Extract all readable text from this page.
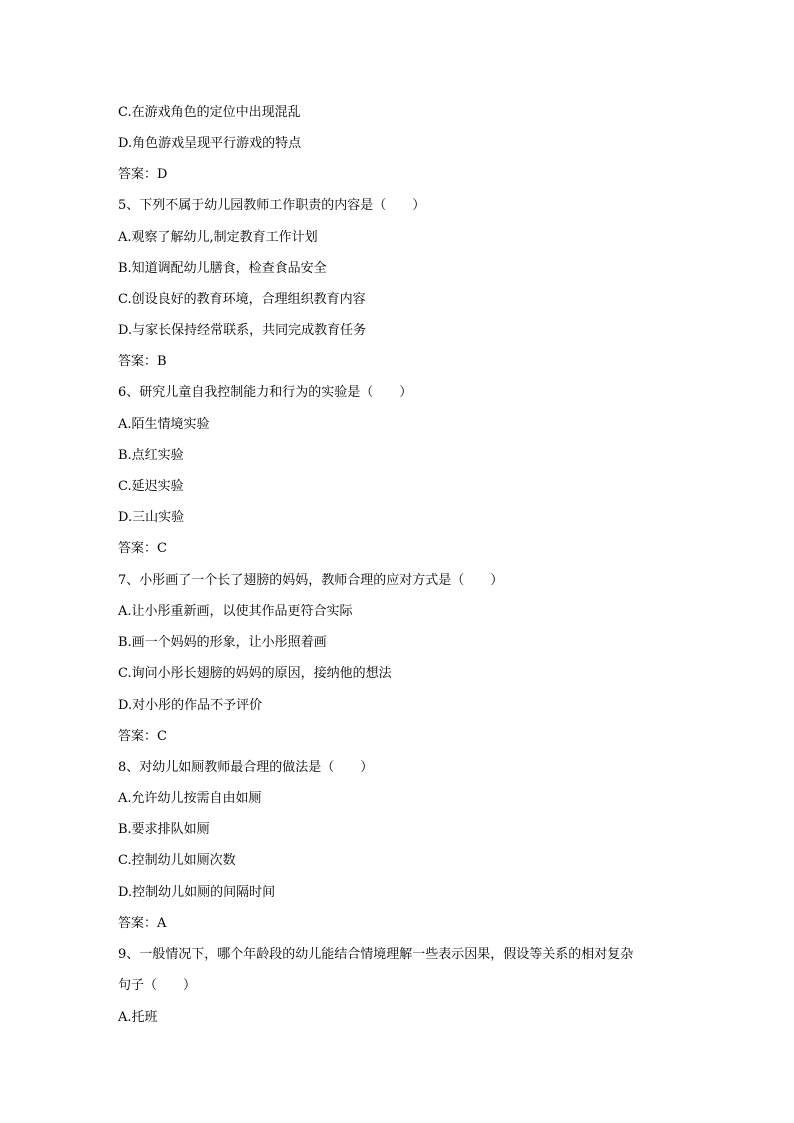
C.在游戏角色的定位中出现混乱
D.角色游戏呈现平行游戏的特点
答案：D
5、下列不属于幼儿园教师工作职责的内容是（　　）
A.观察了解幼儿,制定教育工作计划
B.知道调配幼儿膳食，检查食品安全
C.创设良好的教育环境，合理组织教育内容
D.与家长保持经常联系，共同完成教育任务
答案：B
6、研究儿童自我控制能力和行为的实验是（　　）
A.陌生情境实验
B.点红实验
C.延迟实验
D.三山实验
答案：C
7、小彤画了一个长了翅膀的妈妈，教师合理的应对方式是（　　）
A.让小彤重新画，以使其作品更符合实际
B.画一个妈妈的形象，让小彤照着画
C.询问小彤长翅膀的妈妈的原因，接纳他的想法
D.对小彤的作品不予评价
答案：C
8、对幼儿如厕教师最合理的做法是（　　）
A.允许幼儿按需自由如厕
B.要求排队如厕
C.控制幼儿如厕次数
D.控制幼儿如厕的间隔时间
答案：A
9、一般情况下，哪个年龄段的幼儿能结合情境理解一些表示因果，假设等关系的相对复杂
句子（　　）
A.托班
